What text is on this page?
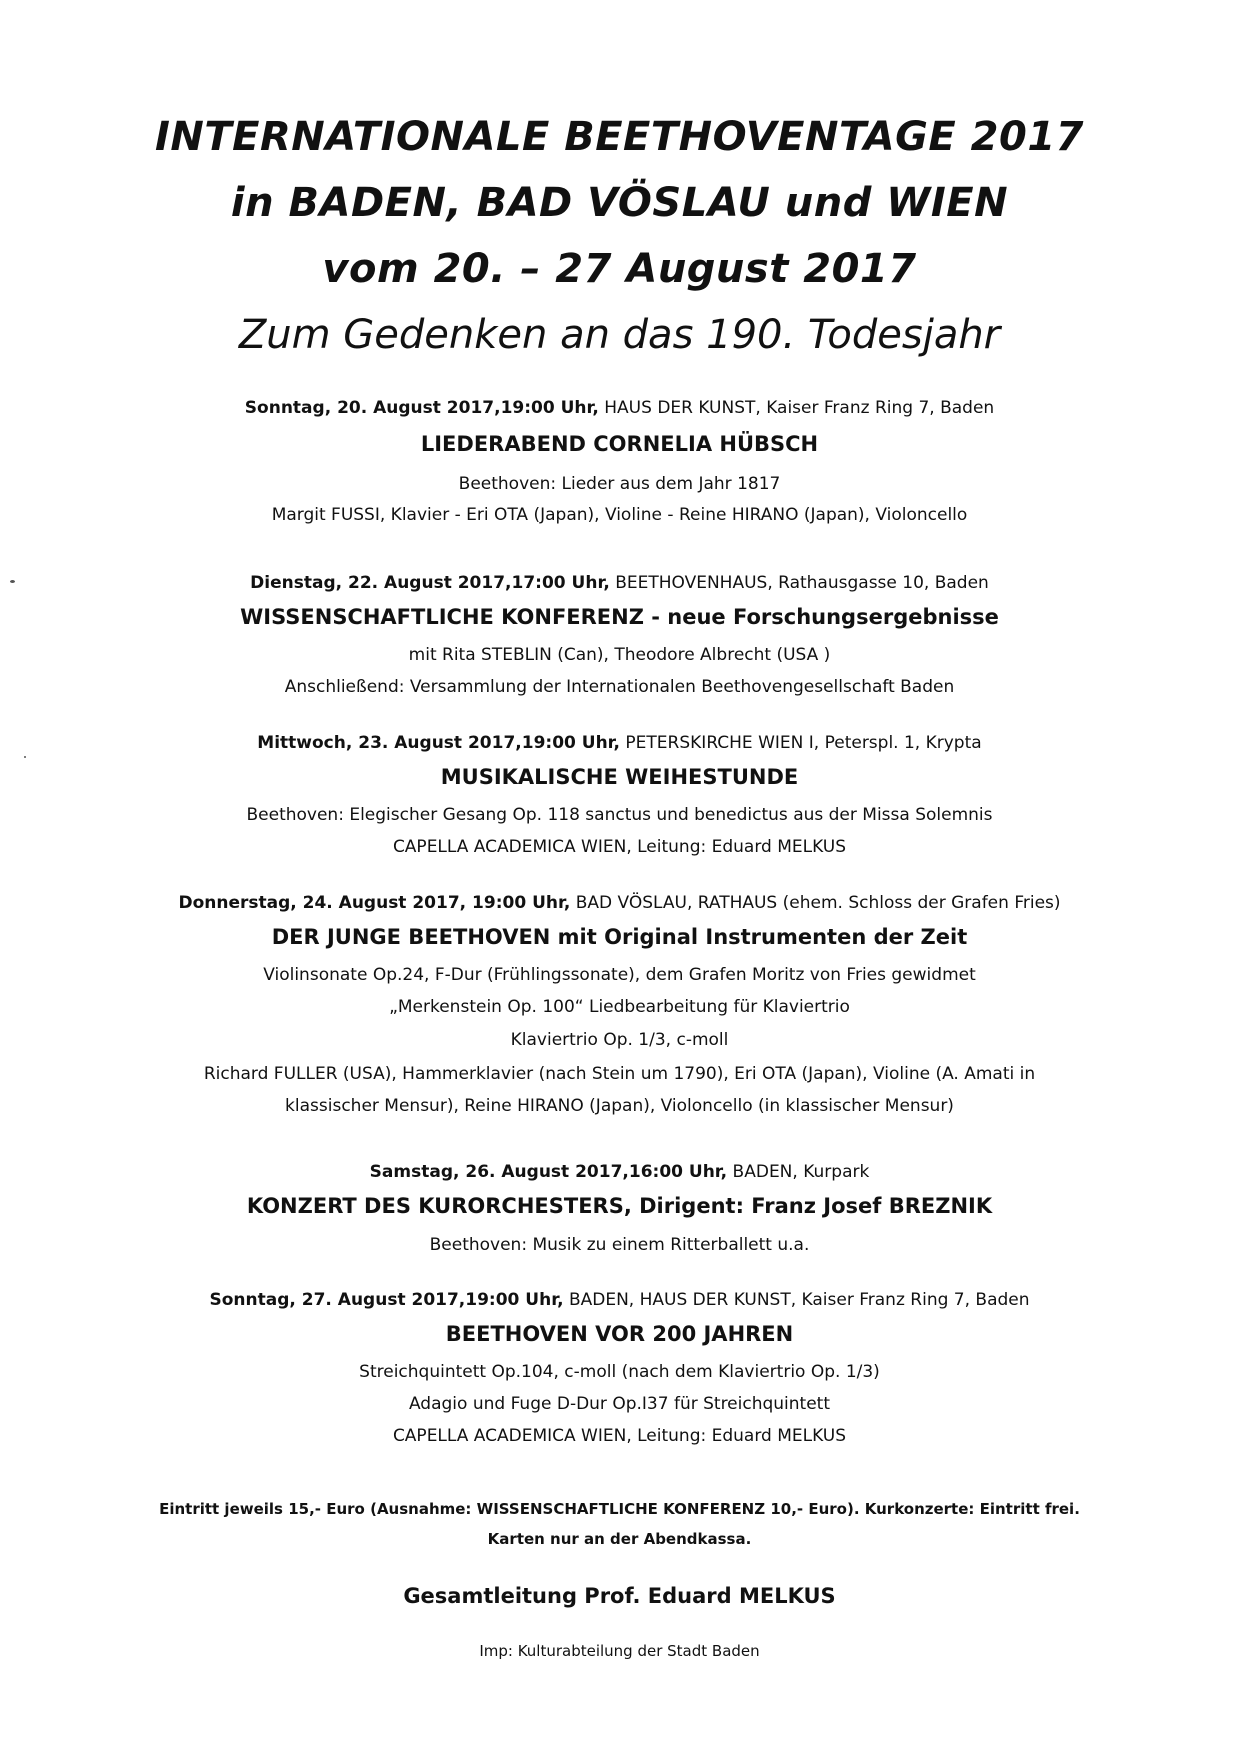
INTERNATIONALE BEETHOVENTAGE 2017
in BADEN, BAD VÖSLAU und WIEN
vom 20. – 27 August 2017
Zum Gedenken an das 190. Todesjahr
Sonntag, 20. August 2017,19:00 Uhr, HAUS DER KUNST, Kaiser Franz Ring 7, Baden
LIEDERABEND CORNELIA HÜBSCH
Beethoven: Lieder aus dem Jahr 1817
Margit FUSSI, Klavier - Eri OTA (Japan), Violine - Reine HIRANO (Japan), Violoncello
Dienstag, 22. August 2017,17:00 Uhr, BEETHOVENHAUS, Rathausgasse 10, Baden
WISSENSCHAFTLICHE KONFERENZ - neue Forschungsergebnisse
mit Rita STEBLIN (Can), Theodore Albrecht (USA )
Anschließend: Versammlung der Internationalen Beethovengesellschaft Baden
Mittwoch, 23. August 2017,19:00 Uhr, PETERSKIRCHE WIEN I, Peterspl. 1, Krypta
MUSIKALISCHE WEIHESTUNDE
Beethoven: Elegischer Gesang Op. 118 sanctus und benedictus aus der Missa Solemnis
CAPELLA ACADEMICA WIEN, Leitung: Eduard MELKUS
Donnerstag, 24. August 2017, 19:00 Uhr, BAD VÖSLAU, RATHAUS (ehem. Schloss der Grafen Fries)
DER JUNGE BEETHOVEN mit Original Instrumenten der Zeit
Violinsonate Op.24, F-Dur (Frühlingssonate), dem Grafen Moritz von Fries gewidmet
„Merkenstein Op. 100“ Liedbearbeitung für Klaviertrio
Klaviertrio Op. 1/3, c-moll
Richard FULLER (USA), Hammerklavier (nach Stein um 1790), Eri OTA (Japan), Violine (A. Amati in
klassischer Mensur), Reine HIRANO (Japan), Violoncello (in klassischer Mensur)
Samstag, 26. August 2017,16:00 Uhr, BADEN, Kurpark
KONZERT DES KURORCHESTERS, Dirigent: Franz Josef BREZNIK
Beethoven: Musik zu einem Ritterballett u.a.
Sonntag, 27. August 2017,19:00 Uhr, BADEN, HAUS DER KUNST, Kaiser Franz Ring 7, Baden
BEETHOVEN VOR 200 JAHREN
Streichquintett Op.104, c-moll (nach dem Klaviertrio Op. 1/3)
Adagio und Fuge D-Dur Op.I37 für Streichquintett
CAPELLA ACADEMICA WIEN, Leitung: Eduard MELKUS
Eintritt jeweils 15,- Euro (Ausnahme: WISSENSCHAFTLICHE KONFERENZ 10,- Euro). Kurkonzerte: Eintritt frei.
Karten nur an der Abendkassa.
Gesamtleitung Prof. Eduard MELKUS
Imp: Kulturabteilung der Stadt Baden
